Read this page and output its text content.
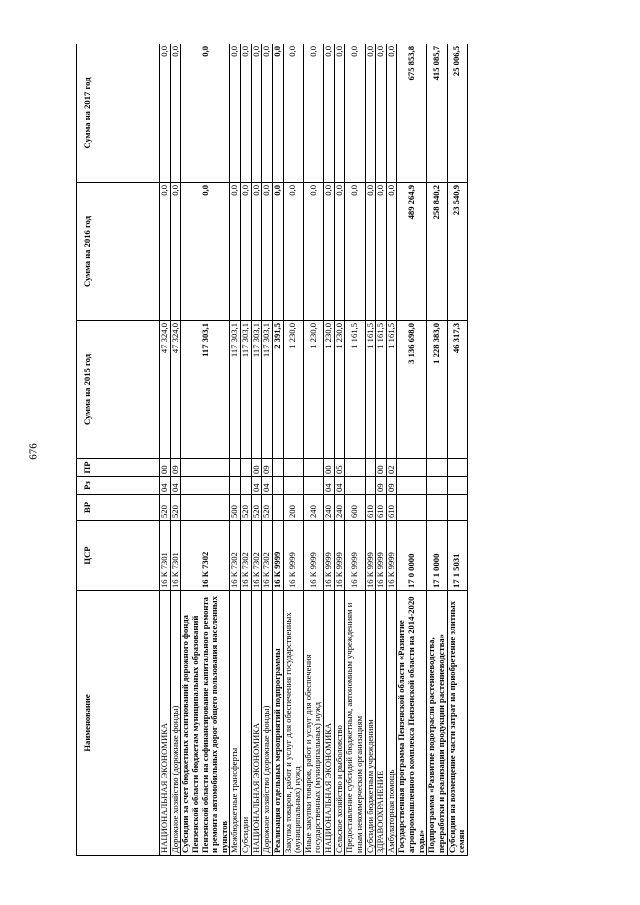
676
Наименование	ЦСР	ВР	Рз	ПР	Сумма на 2015 год	Сумма на 2016 год	Сумма на 2017 год
НАЦИОНАЛЬНАЯ ЭКОНОМИКА	16 К 7301	520	04	00	47 324,0	0,0	0,0
Дорожное хозяйство (дорожные фонды)	16 К 7301	520	04	09	47 324,0	0,0	0,0
Субсидии за счет бюджетных ассигнований дорожного фонда Пензенской области бюджетам муниципальных образований Пензенской области на софинансирование капитального ремонта и ремонта автомобильных дорог общего пользования населенных пунктов	16 К 7302				117 303,1	0,0	0,0
Межбюджетные трансферты	16 К 7302	500			117 303,1	0,0	0,0
Субсидии	16 К 7302	520			117 303,1	0,0	0,0
НАЦИОНАЛЬНАЯ ЭКОНОМИКА	16 К 7302	520	04	00	117 303,1	0,0	0,0
Дорожное хозяйство (дорожные фонды)	16 К 7302	520	04	09	117 303,1	0,0	0,0
Реализация отдельных мероприятий подпрограммы	16 К 9999				2 391,5	0,0	0,0
Закупка товаров, работ и услуг для обеспечения государственных (муниципальных) нужд	16 К 9999	200			1 230,0	0,0	0,0
Иные закупки товаров, работ и услуг для обеспечения государственных (муниципальных) нужд	16 К 9999	240			1 230,0	0,0	0,0
НАЦИОНАЛЬНАЯ ЭКОНОМИКА	16 К 9999	240	04	00	1 230,0	0,0	0,0
Сельское хозяйство и рыболовство	16 К 9999	240	04	05	1 230,0	0,0	0,0
Предоставление субсидий бюджетным, автономным учреждениям и иным некоммерческим организациям	16 К 9999	600			1 161,5	0,0	0,0
Субсидии бюджетным учреждениям	16 К 9999	610			1 161,5	0,0	0,0
ЗДРАВООХРАНЕНИЕ	16 К 9999	610	09	00	1 161,5	0,0	0,0
Амбулаторная помощь	16 К 9999	610	09	02	1 161,5	0,0	0,0
Государственная программа Пензенской области «Развитие агропромышленного комплекса Пензенской области на 2014-2020 годы»	17 0 0000				3 136 698,0	489 264,9	675 853,8
Подпрограмма «Развитие подотрасли растениеводства, переработки и реализации продукции растениеводства»	17 1 0000				1 228 383,0	258 840,2	415 085,7
Субсидии на возмещение части затрат на приобретение элитных семян	17 1 5031				46 317,3	23 540,9	25 006,5
